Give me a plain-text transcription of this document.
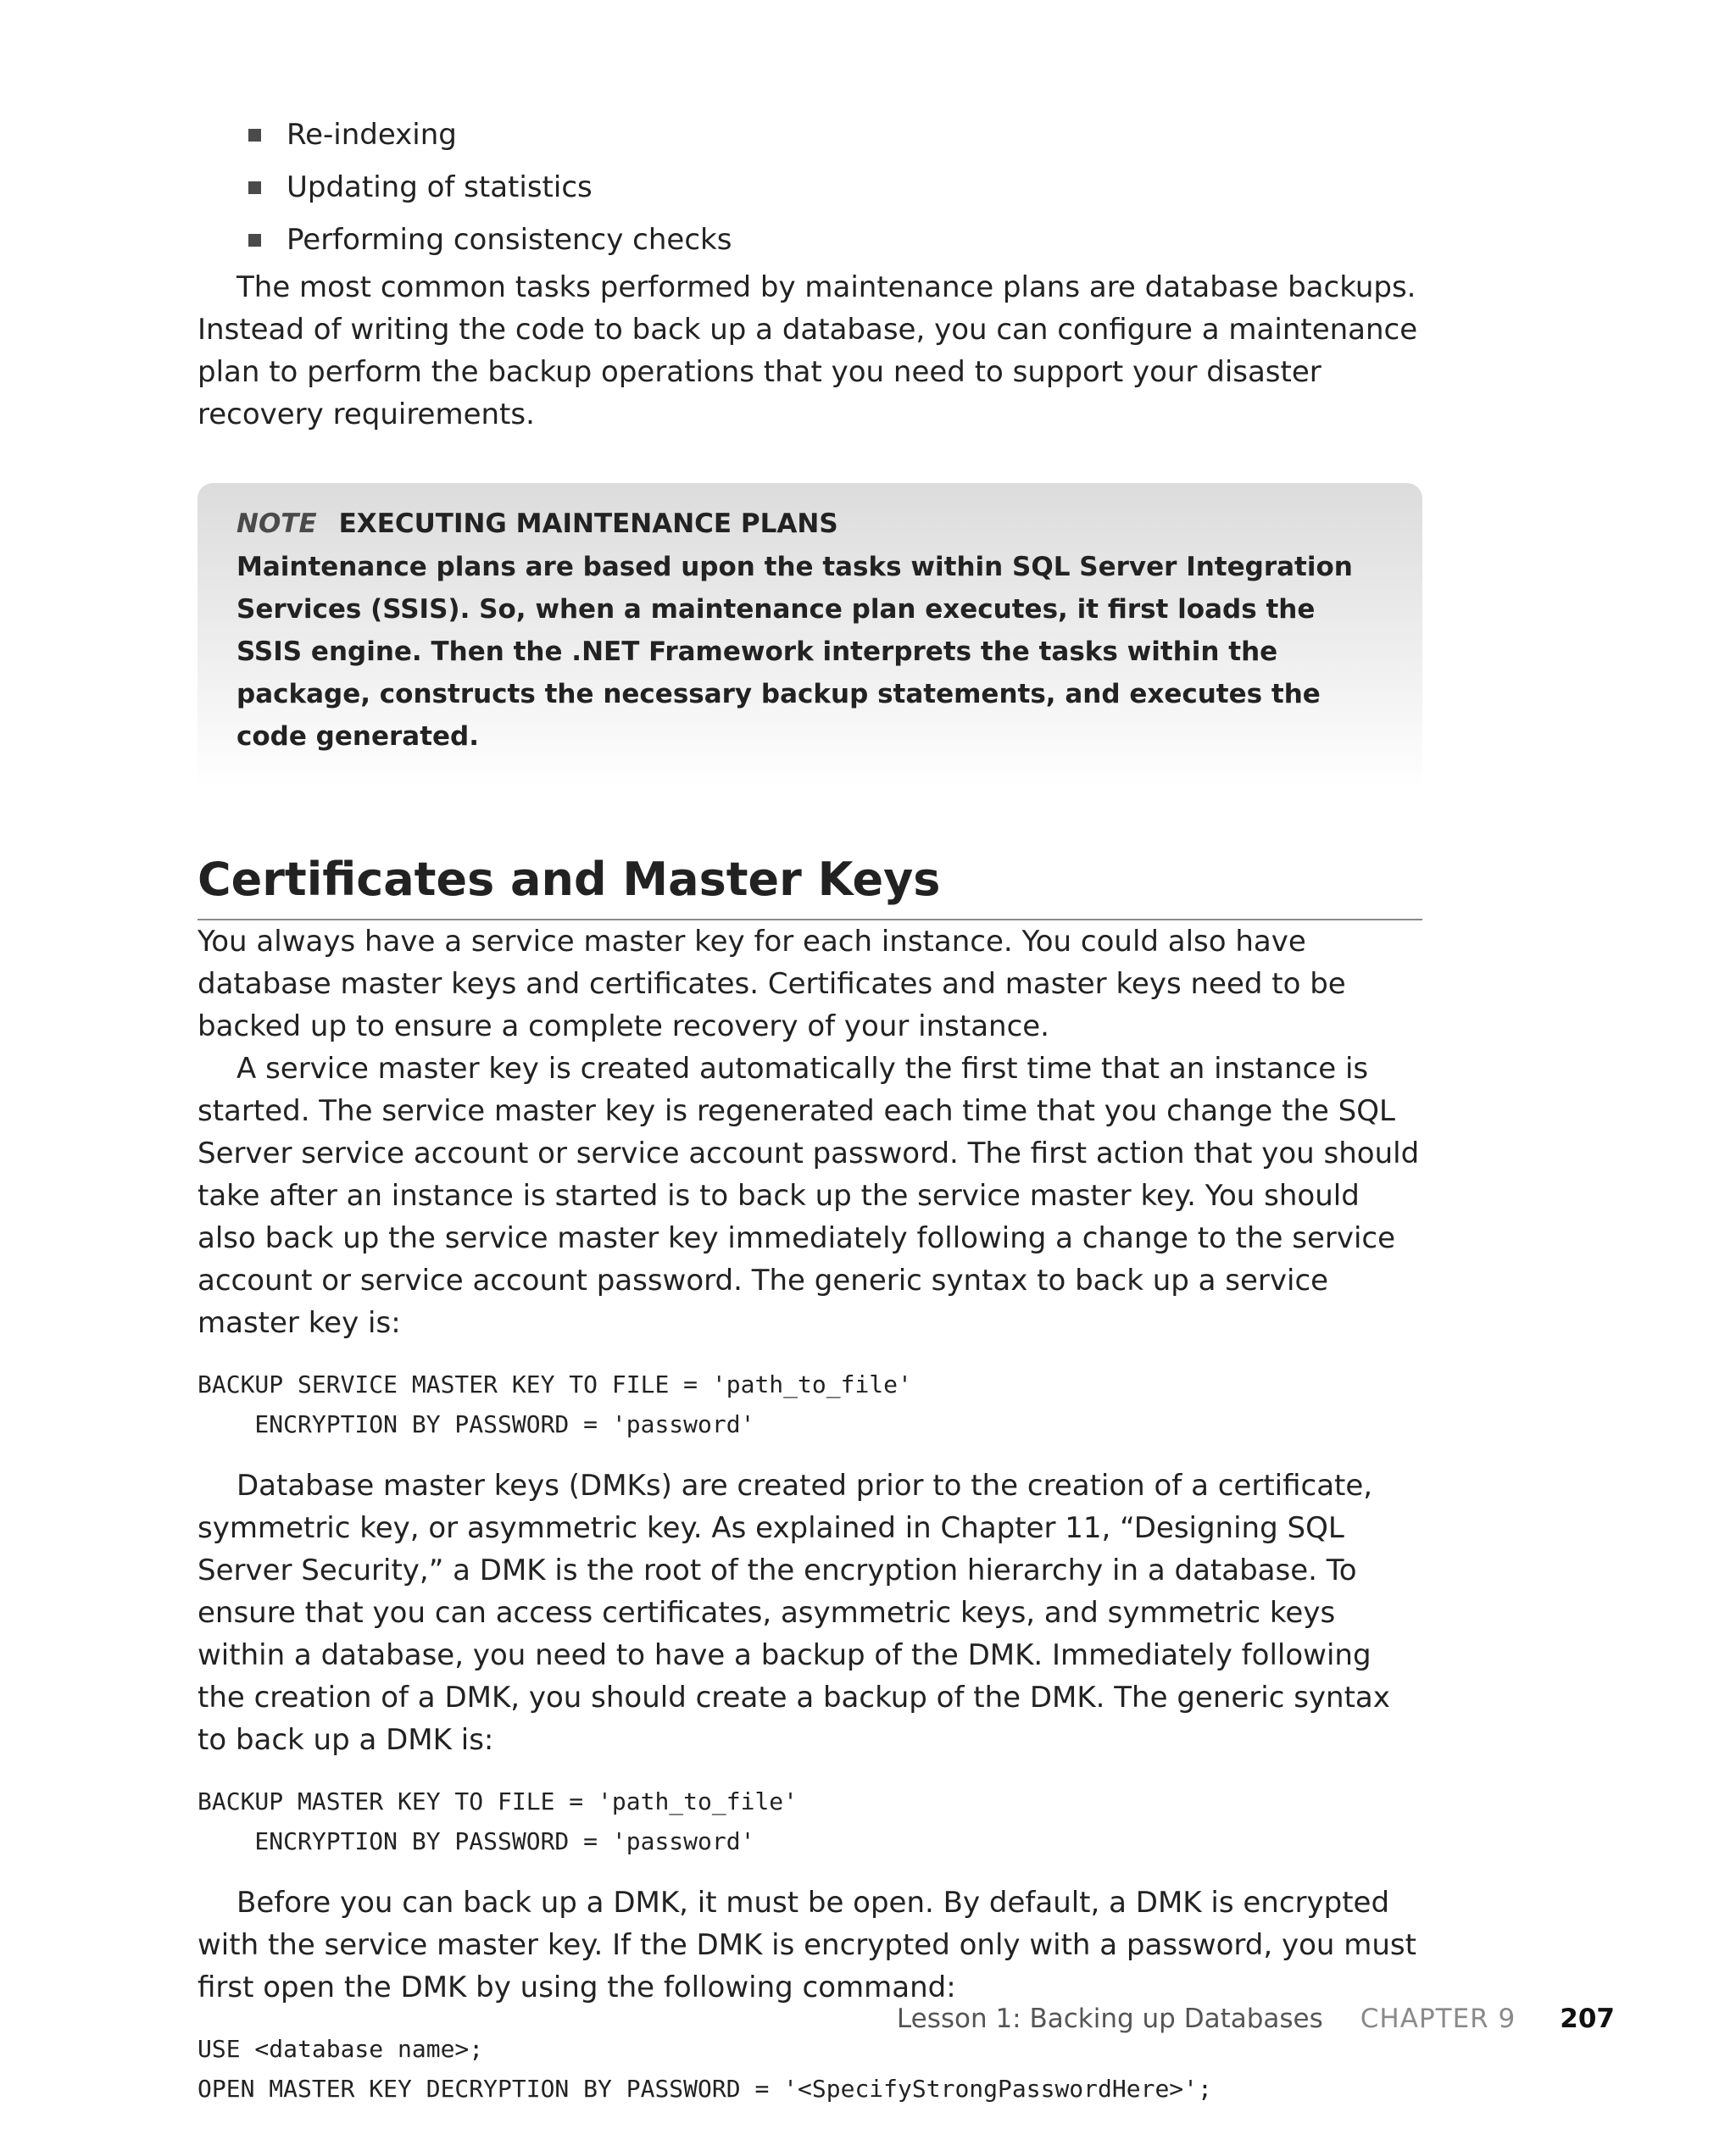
Re-indexing
Updating of statistics
Performing consistency checks

The most common tasks performed by maintenance plans are database backups. Instead of writing the code to back up a database, you can configure a maintenance plan to perform the backup operations that you need to support your disaster recovery requirements.

NOTE EXECUTING MAINTENANCE PLANS
Maintenance plans are based upon the tasks within SQL Server Integration Services (SSIS). So, when a maintenance plan executes, it first loads the SSIS engine. Then the .NET Framework interprets the tasks within the package, constructs the necessary backup statements, and executes the code generated.
Certificates and Master Keys

You always have a service master key for each instance. You could also have database master keys and certificates. Certificates and master keys need to be backed up to ensure a complete recovery of your instance.

A service master key is created automatically the first time that an instance is started. The service master key is regenerated each time that you change the SQL Server service account or service account password. The first action that you should take after an instance is started is to back up the service master key. You should also back up the service master key immediately following a change to the service account or service account password. The generic syntax to back up a service master key is:

BACKUP SERVICE MASTER KEY TO FILE = 'path_to_file'
ENCRYPTION BY PASSWORD = 'password'

Database master keys (DMKs) are created prior to the creation of a certificate, symmetric key, or asymmetric key. As explained in Chapter 11, “Designing SQL Server Security,” a DMK is the root of the encryption hierarchy in a database. To ensure that you can access certificates, asymmetric keys, and symmetric keys within a database, you need to have a backup of the DMK. Immediately following the creation of a DMK, you should create a backup of the DMK. The generic syntax to back up a DMK is:

BACKUP MASTER KEY TO FILE = 'path_to_file'
ENCRYPTION BY PASSWORD = 'password'

Before you can back up a DMK, it must be open. By default, a DMK is encrypted with the service master key. If the DMK is encrypted only with a password, you must first open the DMK by using the following command:

USE <database name>;
OPEN MASTER KEY DECRYPTION BY PASSWORD = '<SpecifyStrongPasswordHere>';
Lesson 1: Backing up Databases CHAPTER 9 207
